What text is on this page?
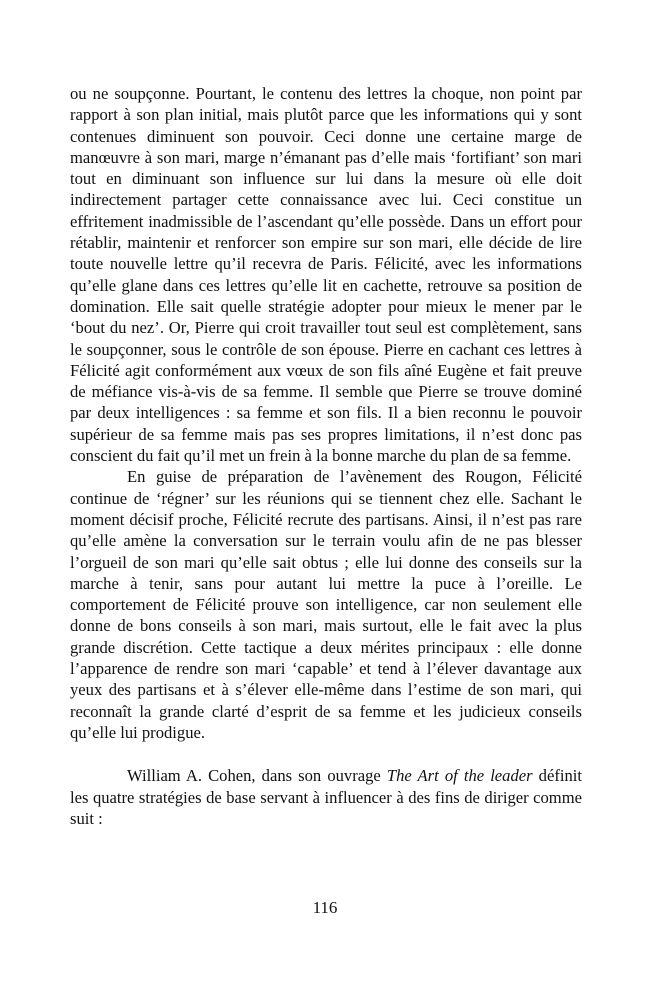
ou ne soupçonne. Pourtant, le contenu des lettres la choque, non point par rapport à son plan initial, mais plutôt parce que les informations qui y sont contenues diminuent son pouvoir. Ceci donne une certaine marge de manœuvre à son mari, marge n’émanant pas d’elle mais ‘fortifiant’ son mari tout en diminuant son influence sur lui dans la mesure où elle doit indirectement partager cette connaissance avec lui. Ceci constitue un effritement inadmissible de l’ascendant qu’elle possède. Dans un effort pour rétablir, maintenir et renforcer son empire sur son mari, elle décide de lire toute nouvelle lettre qu’il recevra de Paris. Félicité, avec les informations qu’elle glane dans ces lettres qu’elle lit en cachette, retrouve sa position de domination. Elle sait quelle stratégie adopter pour mieux le mener par le ‘bout du nez’. Or, Pierre qui croit travailler tout seul est complètement, sans le soupçonner, sous le contrôle de son épouse. Pierre en cachant ces lettres à Félicité agit conformément aux vœux de son fils aîné Eugène et fait preuve de méfiance vis-à-vis de sa femme. Il semble que Pierre se trouve dominé par deux intelligences : sa femme et son fils. Il a bien reconnu le pouvoir supérieur de sa femme mais pas ses propres limitations, il n’est donc pas conscient du fait qu’il met un frein à la bonne marche du plan de sa femme.

En guise de préparation de l’avènement des Rougon, Félicité continue de ‘régner’ sur les réunions qui se tiennent chez elle. Sachant le moment décisif proche, Félicité recrute des partisans. Ainsi, il n’est pas rare qu’elle amène la conversation sur le terrain voulu afin de ne pas blesser l’orgueil de son mari qu’elle sait obtus ; elle lui donne des conseils sur la marche à tenir, sans pour autant lui mettre la puce à l’oreille. Le comportement de Félicité prouve son intelligence, car non seulement elle donne de bons conseils à son mari, mais surtout, elle le fait avec la plus grande discrétion. Cette tactique a deux mérites principaux : elle donne l’apparence de rendre son mari ‘capable’ et tend à l’élever davantage aux yeux des partisans et à s’élever elle-même dans l’estime de son mari, qui reconnaît la grande clarté d’esprit de sa femme et les judicieux conseils qu’elle lui prodigue.

William A. Cohen, dans son ouvrage The Art of the leader définit les quatre stratégies de base servant à influencer à des fins de diriger comme suit :

116
